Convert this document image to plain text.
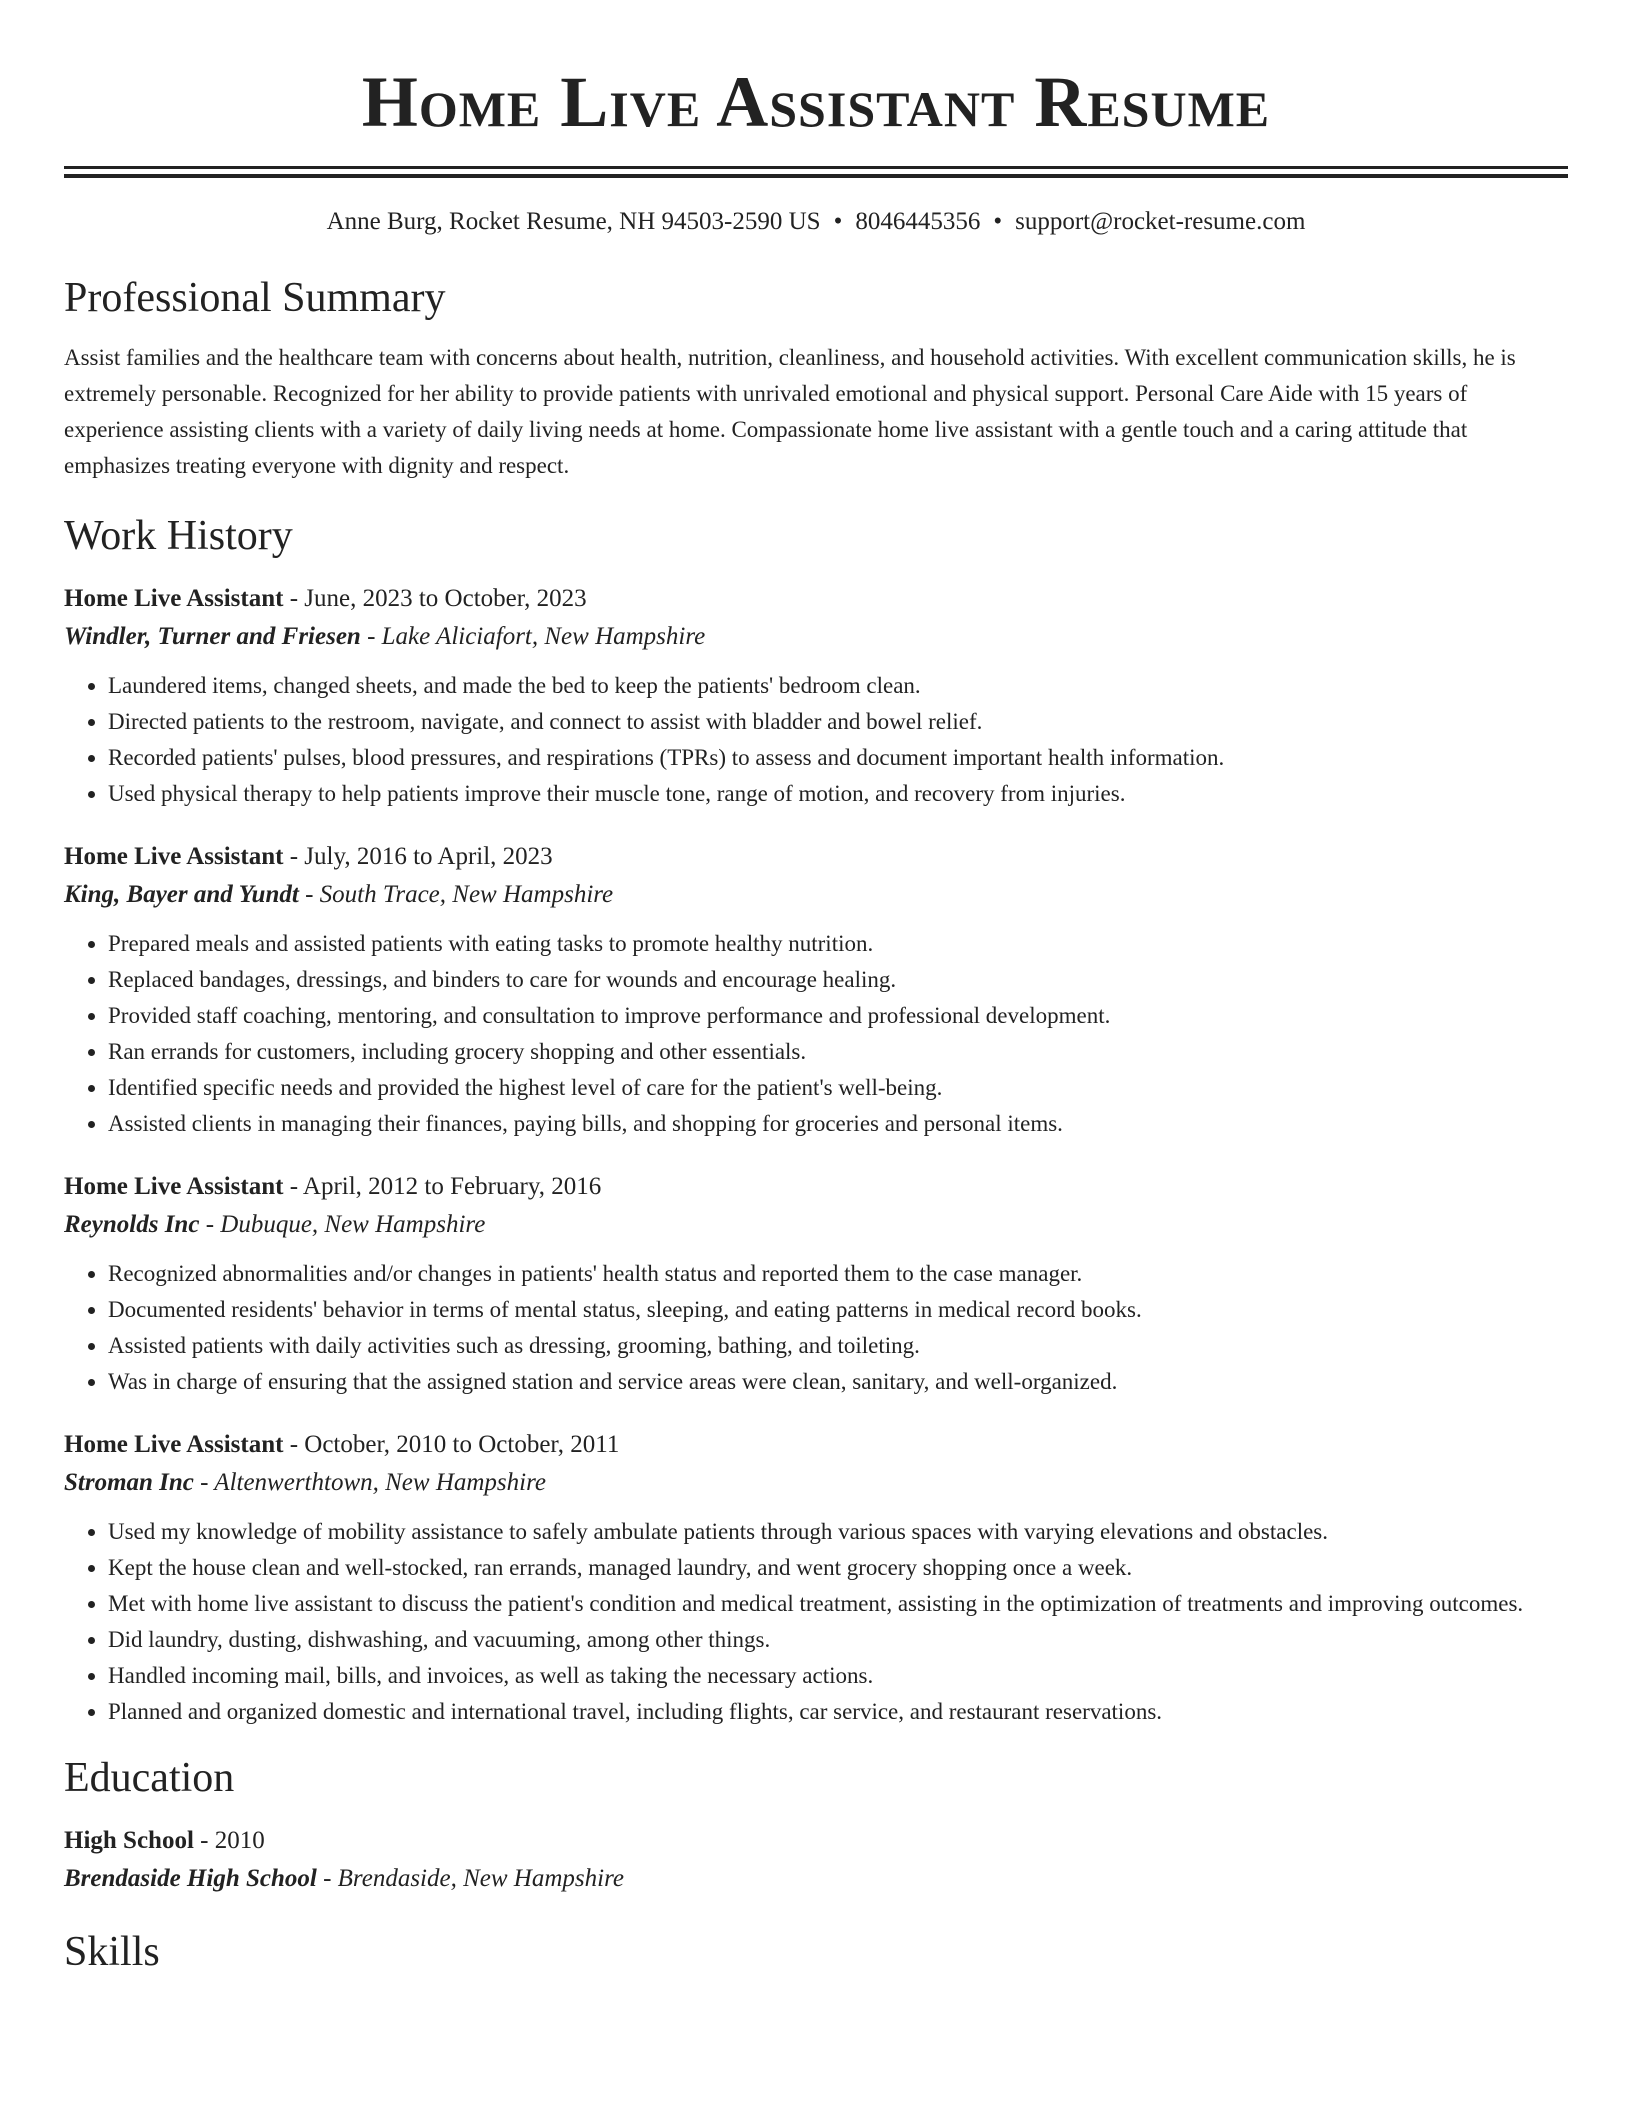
Home Live Assistant Resume
Anne Burg, Rocket Resume, NH 94503-2590 US • 8046445356 • support@rocket-resume.com
Professional Summary

Assist families and the healthcare team with concerns about health, nutrition, cleanliness, and household activities. With excellent communication skills, he is extremely personable. Recognized for her ability to provide patients with unrivaled emotional and physical support. Personal Care Aide with 15 years of experience assisting clients with a variety of daily living needs at home. Compassionate home live assistant with a gentle touch and a caring attitude that emphasizes treating everyone with dignity and respect.

Work History
Home Live Assistant - June, 2023 to October, 2023
Windler, Turner and Friesen - Lake Aliciafort, New Hampshire
• Laundered items, changed sheets, and made the bed to keep the patients' bedroom clean.
• Directed patients to the restroom, navigate, and connect to assist with bladder and bowel relief.
• Recorded patients' pulses, blood pressures, and respirations (TPRs) to assess and document important health information.
• Used physical therapy to help patients improve their muscle tone, range of motion, and recovery from injuries.
Home Live Assistant - July, 2016 to April, 2023
King, Bayer and Yundt - South Trace, New Hampshire
• Prepared meals and assisted patients with eating tasks to promote healthy nutrition.
• Replaced bandages, dressings, and binders to care for wounds and encourage healing.
• Provided staff coaching, mentoring, and consultation to improve performance and professional development.
• Ran errands for customers, including grocery shopping and other essentials.
• Identified specific needs and provided the highest level of care for the patient's well-being.
• Assisted clients in managing their finances, paying bills, and shopping for groceries and personal items.
Home Live Assistant - April, 2012 to February, 2016
Reynolds Inc - Dubuque, New Hampshire
• Recognized abnormalities and/or changes in patients' health status and reported them to the case manager.
• Documented residents' behavior in terms of mental status, sleeping, and eating patterns in medical record books.
• Assisted patients with daily activities such as dressing, grooming, bathing, and toileting.
• Was in charge of ensuring that the assigned station and service areas were clean, sanitary, and well-organized.
Home Live Assistant - October, 2010 to October, 2011
Stroman Inc - Altenwerthtown, New Hampshire
• Used my knowledge of mobility assistance to safely ambulate patients through various spaces with varying elevations and obstacles.
• Kept the house clean and well-stocked, ran errands, managed laundry, and went grocery shopping once a week.
• Met with home live assistant to discuss the patient's condition and medical treatment, assisting in the optimization of treatments and improving outcomes.
• Did laundry, dusting, dishwashing, and vacuuming, among other things.
• Handled incoming mail, bills, and invoices, as well as taking the necessary actions.
• Planned and organized domestic and international travel, including flights, car service, and restaurant reservations.
Education
High School - 2010
Brendaside High School - Brendaside, New Hampshire
Skills
